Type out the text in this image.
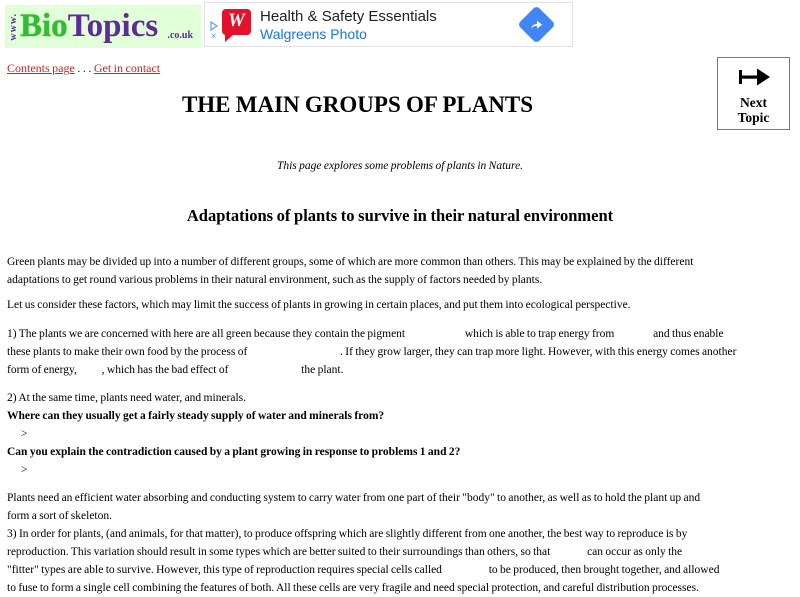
www. Bio Topics .co.uk ×
W Health & Safety Essentials
Walgreens Photo

Contents page . . . Get in contact

Next
Topic
THE MAIN GROUPS OF PLANTS

This page explores some problems of plants in Nature.

Adaptations of plants to survive in their natural environment

Green plants may be divided up into a number of different groups, some of which are more common than others. This may be explained by the different
adaptations to get round various problems in their natural environment, such as the supply of factors needed by plants.

Let us consider these factors, which may limit the success of plants in growing in certain places, and put them into ecological perspective.

1) The plants we are concerned with here are all green because they contain the pigment	which is able to trap energy from	and thus enable
these plants to make their own food by the process of	. If they grow larger, they can trap more light. However, with this energy comes another
form of energy, , which has the bad effect of	the plant.

2) At the same time, plants need water, and minerals.
Where can they usually get a fairly steady supply of water and minerals from?
>
Can you explain the contradiction caused by a plant growing in response to problems 1 and 2?
>

Plants need an efficient water absorbing and conducting system to carry water from one part of their "body" to another, as well as to hold the plant up and
form a sort of skeleton.

3) In order for plants, (and animals, for that matter), to produce offspring which are slightly different from one another, the best way to reproduce is by
reproduction. This variation should result in some types which are better suited to their surroundings than others, so that	can occur as only the
"fitter" types are able to survive. However, this type of reproduction requires special cells called	to be produced, then brought together, and allowed
to fuse to form a single cell combining the features of both. All these cells are very fragile and need special protection, and careful distribution processes.
